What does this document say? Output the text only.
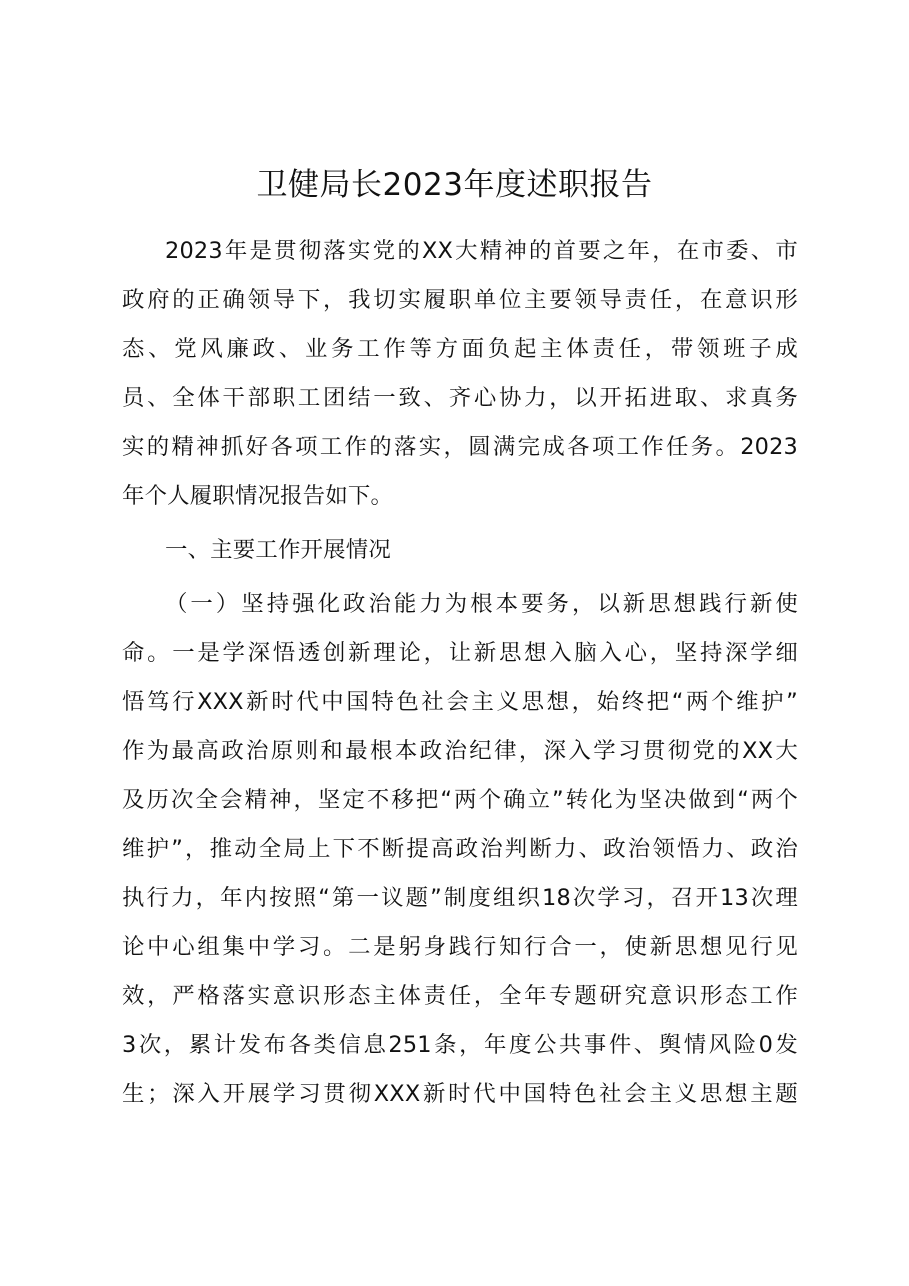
卫健局长2023年度述职报告
2023年是贯彻落实党的XX大精神的首要之年，在市委、市
政府的正确领导下，我切实履职单位主要领导责任，在意识形
态、党风廉政、业务工作等方面负起主体责任，带领班子成
员、全体干部职工团结一致、齐心协力，以开拓进取、求真务
实的精神抓好各项工作的落实，圆满完成各项工作任务。2023
年个人履职情况报告如下。
一、主要工作开展情况
（一）坚持强化政治能力为根本要务，以新思想践行新使
命。一是学深悟透创新理论，让新思想入脑入心，坚持深学细
悟笃行XXX新时代中国特色社会主义思想，始终把“两个维护”
作为最高政治原则和最根本政治纪律，深入学习贯彻党的XX大
及历次全会精神，坚定不移把“两个确立”转化为坚决做到“两个
维护”，推动全局上下不断提高政治判断力、政治领悟力、政治
执行力，年内按照“第一议题”制度组织18次学习，召开13次理
论中心组集中学习。二是躬身践行知行合一，使新思想见行见
效，严格落实意识形态主体责任，全年专题研究意识形态工作
3次，累计发布各类信息251条，年度公共事件、舆情风险0发
生；深入开展学习贯彻XXX新时代中国特色社会主义思想主题
